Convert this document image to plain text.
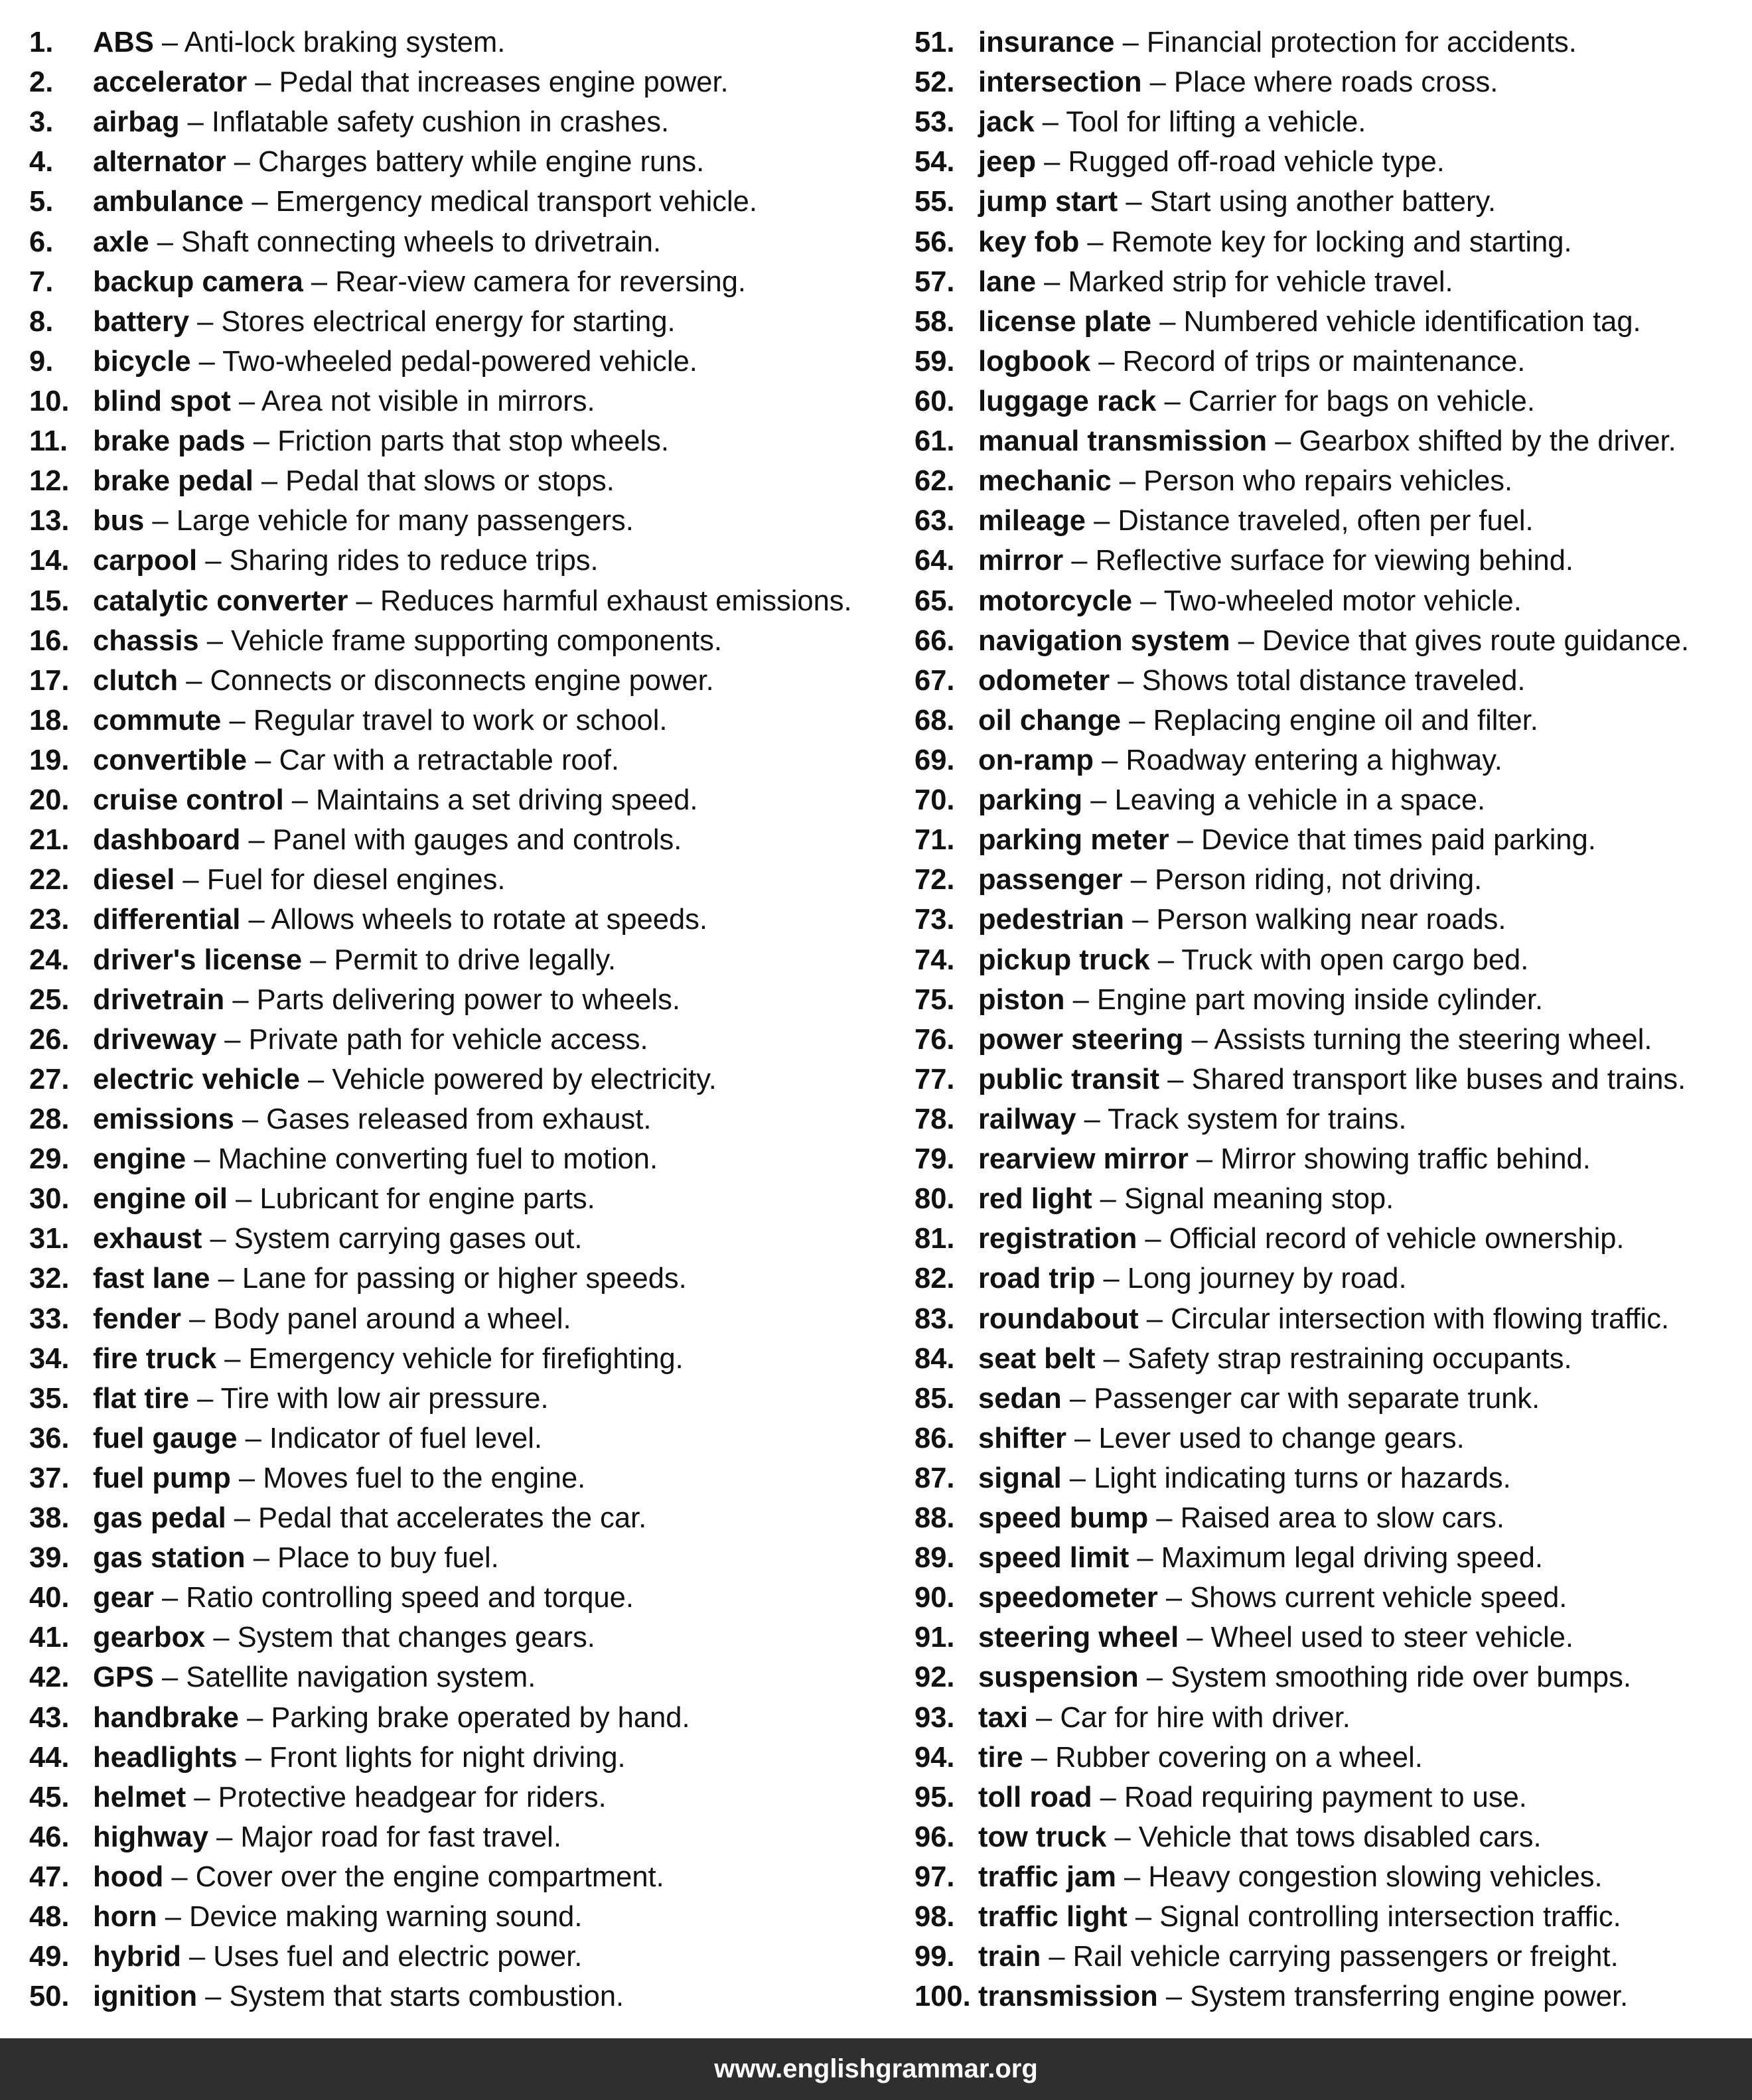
1. ABS – Anti-lock braking system.
2. accelerator – Pedal that increases engine power.
3. airbag – Inflatable safety cushion in crashes.
4. alternator – Charges battery while engine runs.
5. ambulance – Emergency medical transport vehicle.
6. axle – Shaft connecting wheels to drivetrain.
7. backup camera – Rear-view camera for reversing.
8. battery – Stores electrical energy for starting.
9. bicycle – Two-wheeled pedal-powered vehicle.
10. blind spot – Area not visible in mirrors.
11. brake pads – Friction parts that stop wheels.
12. brake pedal – Pedal that slows or stops.
13. bus – Large vehicle for many passengers.
14. carpool – Sharing rides to reduce trips.
15. catalytic converter – Reduces harmful exhaust emissions.
16. chassis – Vehicle frame supporting components.
17. clutch – Connects or disconnects engine power.
18. commute – Regular travel to work or school.
19. convertible – Car with a retractable roof.
20. cruise control – Maintains a set driving speed.
21. dashboard – Panel with gauges and controls.
22. diesel – Fuel for diesel engines.
23. differential – Allows wheels to rotate at speeds.
24. driver's license – Permit to drive legally.
25. drivetrain – Parts delivering power to wheels.
26. driveway – Private path for vehicle access.
27. electric vehicle – Vehicle powered by electricity.
28. emissions – Gases released from exhaust.
29. engine – Machine converting fuel to motion.
30. engine oil – Lubricant for engine parts.
31. exhaust – System carrying gases out.
32. fast lane – Lane for passing or higher speeds.
33. fender – Body panel around a wheel.
34. fire truck – Emergency vehicle for firefighting.
35. flat tire – Tire with low air pressure.
36. fuel gauge – Indicator of fuel level.
37. fuel pump – Moves fuel to the engine.
38. gas pedal – Pedal that accelerates the car.
39. gas station – Place to buy fuel.
40. gear – Ratio controlling speed and torque.
41. gearbox – System that changes gears.
42. GPS – Satellite navigation system.
43. handbrake – Parking brake operated by hand.
44. headlights – Front lights for night driving.
45. helmet – Protective headgear for riders.
46. highway – Major road for fast travel.
47. hood – Cover over the engine compartment.
48. horn – Device making warning sound.
49. hybrid – Uses fuel and electric power.
50. ignition – System that starts combustion.
51. insurance – Financial protection for accidents.
52. intersection – Place where roads cross.
53. jack – Tool for lifting a vehicle.
54. jeep – Rugged off-road vehicle type.
55. jump start – Start using another battery.
56. key fob – Remote key for locking and starting.
57. lane – Marked strip for vehicle travel.
58. license plate – Numbered vehicle identification tag.
59. logbook – Record of trips or maintenance.
60. luggage rack – Carrier for bags on vehicle.
61. manual transmission – Gearbox shifted by the driver.
62. mechanic – Person who repairs vehicles.
63. mileage – Distance traveled, often per fuel.
64. mirror – Reflective surface for viewing behind.
65. motorcycle – Two-wheeled motor vehicle.
66. navigation system – Device that gives route guidance.
67. odometer – Shows total distance traveled.
68. oil change – Replacing engine oil and filter.
69. on-ramp – Roadway entering a highway.
70. parking – Leaving a vehicle in a space.
71. parking meter – Device that times paid parking.
72. passenger – Person riding, not driving.
73. pedestrian – Person walking near roads.
74. pickup truck – Truck with open cargo bed.
75. piston – Engine part moving inside cylinder.
76. power steering – Assists turning the steering wheel.
77. public transit – Shared transport like buses and trains.
78. railway – Track system for trains.
79. rearview mirror – Mirror showing traffic behind.
80. red light – Signal meaning stop.
81. registration – Official record of vehicle ownership.
82. road trip – Long journey by road.
83. roundabout – Circular intersection with flowing traffic.
84. seat belt – Safety strap restraining occupants.
85. sedan – Passenger car with separate trunk.
86. shifter – Lever used to change gears.
87. signal – Light indicating turns or hazards.
88. speed bump – Raised area to slow cars.
89. speed limit – Maximum legal driving speed.
90. speedometer – Shows current vehicle speed.
91. steering wheel – Wheel used to steer vehicle.
92. suspension – System smoothing ride over bumps.
93. taxi – Car for hire with driver.
94. tire – Rubber covering on a wheel.
95. toll road – Road requiring payment to use.
96. tow truck – Vehicle that tows disabled cars.
97. traffic jam – Heavy congestion slowing vehicles.
98. traffic light – Signal controlling intersection traffic.
99. train – Rail vehicle carrying passengers or freight.
100. transmission – System transferring engine power.
www.englishgrammar.org
